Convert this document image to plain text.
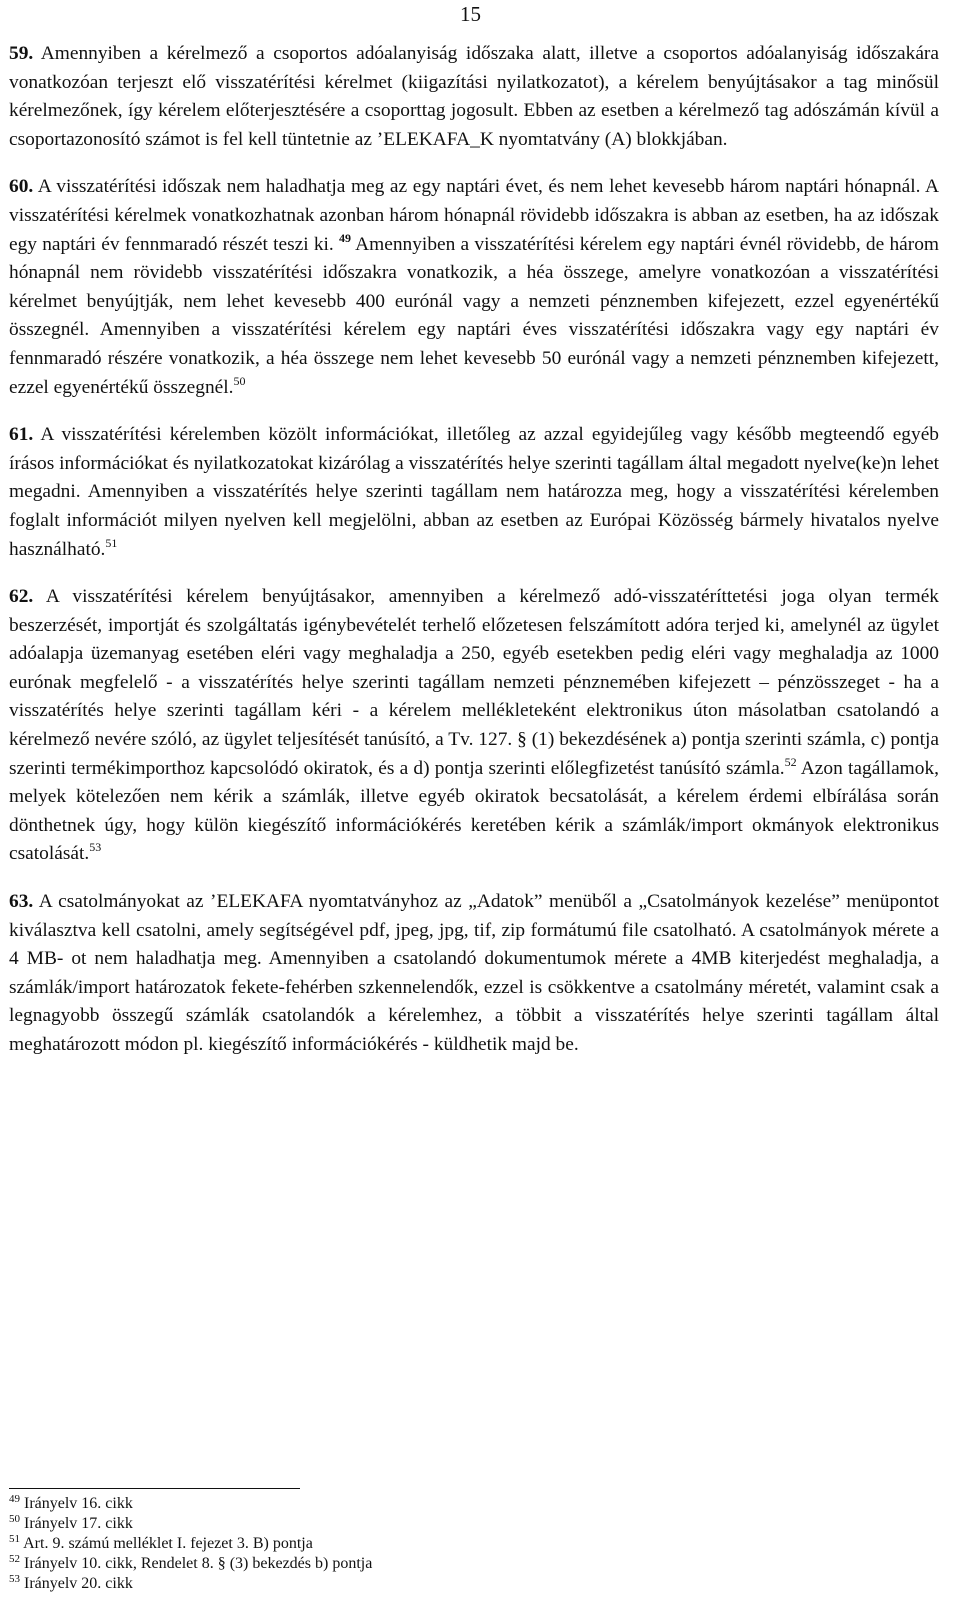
15

59. Amennyiben a kérelmező a csoportos adóalanyiság időszaka alatt, illetve a csoportos adóalanyiság időszakára vonatkozóan terjeszt elő visszatérítési kérelmet (kiigazítási nyilatkozatot), a kérelem benyújtásakor a tag minősül kérelmezőnek, így kérelem előterjesztésére a csoporttag jogosult. Ebben az esetben a kérelmező tag adószámán kívül a csoportazonosító számot is fel kell tüntetnie az ’ELEKAFA_K nyomtatvány (A) blokkjában.

60. A visszatérítési időszak nem haladhatja meg az egy naptári évet, és nem lehet kevesebb három naptári hónapnál. A visszatérítési kérelmek vonatkozhatnak azonban három hónapnál rövidebb időszakra is abban az esetben, ha az időszak egy naptári év fennmaradó részét teszi ki. $^{49}$ Amennyiben a visszatérítési kérelem egy naptári évnél rövidebb, de három hónapnál nem rövidebb visszatérítési időszakra vonatkozik, a héa összege, amelyre vonatkozóan a visszatérítési kérelmet benyújtják, nem lehet kevesebb 400 eurónál vagy a nemzeti pénznemben kifejezett, ezzel egyenértékű összegnél. Amennyiben a visszatérítési kérelem egy naptári éves visszatérítési időszakra vagy egy naptári év fennmaradó részére vonatkozik, a héa összege nem lehet kevesebb 50 eurónál vagy a nemzeti pénznemben kifejezett, ezzel egyenértékű összegnél.$^{50}$

61. A visszatérítési kérelemben közölt információkat, illetőleg az azzal egyidejűleg vagy később megteendő egyéb írásos információkat és nyilatkozatokat kizárólag a visszatérítés helye szerinti tagállam által megadott nyelve(ke)n lehet megadni. Amennyiben a visszatérítés helye szerinti tagállam nem határozza meg, hogy a visszatérítési kérelemben foglalt információt milyen nyelven kell megjelölni, abban az esetben az Európai Közösség bármely hivatalos nyelve használható.$^{51}$

62. A visszatérítési kérelem benyújtásakor, amennyiben a kérelmező adó-visszatéríttetési joga olyan termék beszerzését, importját és szolgáltatás igénybevételét terhelő előzetesen felszámított adóra terjed ki, amelynél az ügylet adóalapja üzemanyag esetében eléri vagy meghaladja a 250, egyéb esetekben pedig eléri vagy meghaladja az 1000 eurónak megfelelő - a visszatérítés helye szerinti tagállam nemzeti pénznemében kifejezett – pénzösszeget - ha a visszatérítés helye szerinti tagállam kéri - a kérelem mellékleteként elektronikus úton másolatban csatolandó a kérelmező nevére szóló, az ügylet teljesítését tanúsító, a Tv. 127. § (1) bekezdésének a) pontja szerinti számla, c) pontja szerinti termékimporthoz kapcsolódó okiratok, és a d) pontja szerinti előlegfizetést tanúsító számla.$^{52}$ Azon tagállamok, melyek kötelezően nem kérik a számlák, illetve egyéb okiratok becsatolását, a kérelem érdemi elbírálása során dönthetnek úgy, hogy külön kiegészítő információkérés keretében kérik a számlák/import okmányok elektronikus csatolását.$^{53}$

63. A csatolmányokat az ’ELEKAFA nyomtatványhoz az „Adatok” menüből a „Csatolmányok kezelése” menüpontot kiválasztva kell csatolni, amely segítségével pdf, jpeg, jpg, tif, zip formátumú file csatolható. A csatolmányok mérete a 4 MB- ot nem haladhatja meg. Amennyiben a csatolandó dokumentumok mérete a 4MB kiterjedést meghaladja, a számlák/import határozatok fekete-fehérben szkennelendők, ezzel is csökkentve a csatolmány méretét, valamint csak a legnagyobb összegű számlák csatolandók a kérelemhez, a többit a visszatérítés helye szerinti tagállam által meghatározott módon pl. kiegészítő információkérés - küldhetik majd be.

$^{49}$ Irányelv 16. cikk

$^{50}$ Irányelv 17. cikk

$^{51}$ Art. 9. számú melléklet I. fejezet 3. B) pontja

$^{52}$ Irányelv 10. cikk, Rendelet 8. § (3) bekezdés b) pontja

$^{53}$ Irányelv 20. cikk
